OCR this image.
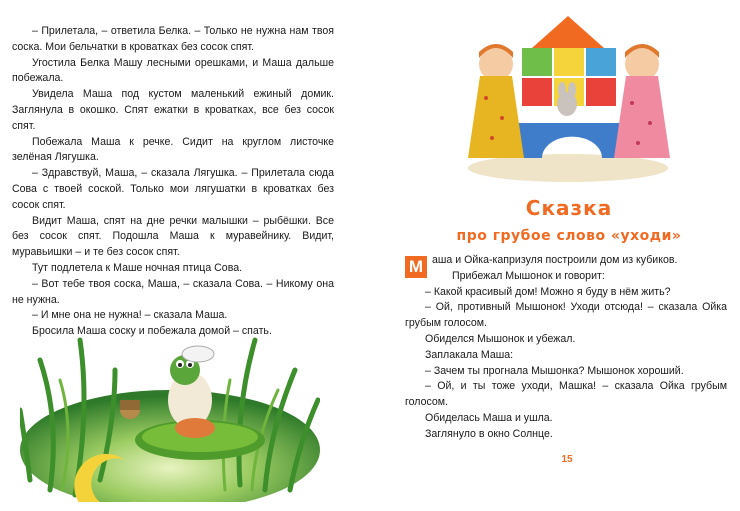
– Прилетала, – ответила Белка. – Только не нужна нам твоя соска. Мои бельчатки в кроватках без сосок спят.

Угостила Белка Машу лесными орешками, и Маша дальше побежала.

Увидела Маша под кустом маленький ежиный домик. Заглянула в окошко. Спят ежатки в кроватках, все без сосок спят.

Побежала Маша к речке. Сидит на круглом листочке зелёная Лягушка.

– Здравствуй, Маша, – сказала Лягушка. – Прилетала сюда Сова с твоей соской. Только мои лягушатки в кроватках без сосок спят.

Видит Маша, спят на дне речки малышки – рыбёшки. Все без сосок спят. Подошла Маша к муравейнику. Видит, муравьишки – и те без сосок спят.

Тут подлетела к Маше ночная птица Сова.

– Вот тебе твоя соска, Маша, – сказала Сова. – Никому она не нужна.

– И мне она не нужна! – сказала Маша.

Бросила Маша соску и побежала домой – спать.

Сказка
про грубое слово «уходи»

М аша и Ойка-капризуля построили дом из кубиков.

Прибежал Мышонок и говорит:

– Какой красивый дом! Можно я буду в нём жить?

– Ой, противный Мышонок! Уходи отсюда! – сказала Ойка грубым голосом.

Обиделся Мышонок и убежал.

Заплакала Маша:

– Зачем ты прогнала Мышонка? Мышонок хороший.

– Ой, и ты тоже уходи, Машка! – сказала Ойка грубым голосом.

Обиделась Маша и ушла.

Заглянуло в окно Солнце.

15
